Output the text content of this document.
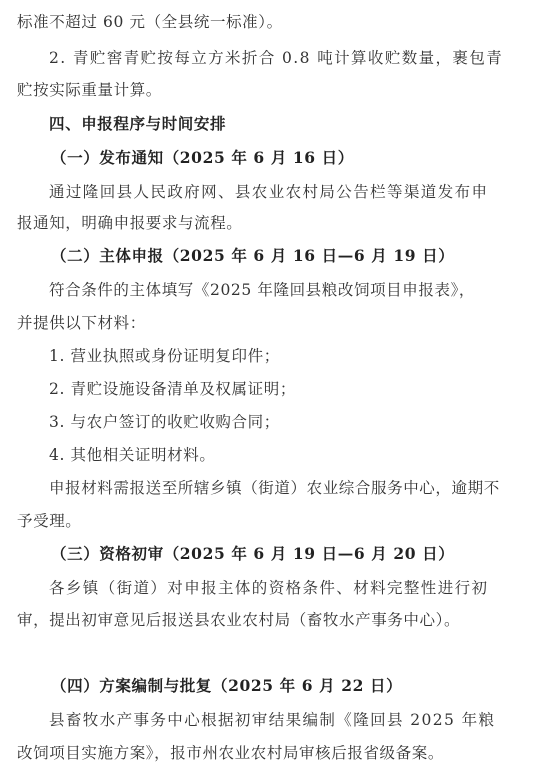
标准不超过 60 元（全县统一标准）。
2. 青贮窖青贮按每立方米折合 0.8 吨计算收贮数量，裹包青
贮按实际重量计算。
四、申报程序与时间安排
（一）发布通知（2025 年 6 月 16 日）
通过隆回县人民政府网、县农业农村局公告栏等渠道发布申
报通知，明确申报要求与流程。
（二）主体申报（2025 年 6 月 16 日—6 月 19 日）
符合条件的主体填写《2025 年隆回县粮改饲项目申报表》，
并提供以下材料：
1. 营业执照或身份证明复印件；
2. 青贮设施设备清单及权属证明；
3. 与农户签订的收贮收购合同；
4. 其他相关证明材料。
申报材料需报送至所辖乡镇（街道）农业综合服务中心，逾期不
予受理。
（三）资格初审（2025 年 6 月 19 日—6 月 20 日）
各乡镇（街道）对申报主体的资格条件、材料完整性进行初
审，提出初审意见后报送县农业农村局（畜牧水产事务中心）。
（四）方案编制与批复（2025 年 6 月 22 日）
县畜牧水产事务中心根据初审结果编制《隆回县 2025 年粮
改饲项目实施方案》，报市州农业农村局审核后报省级备案。
